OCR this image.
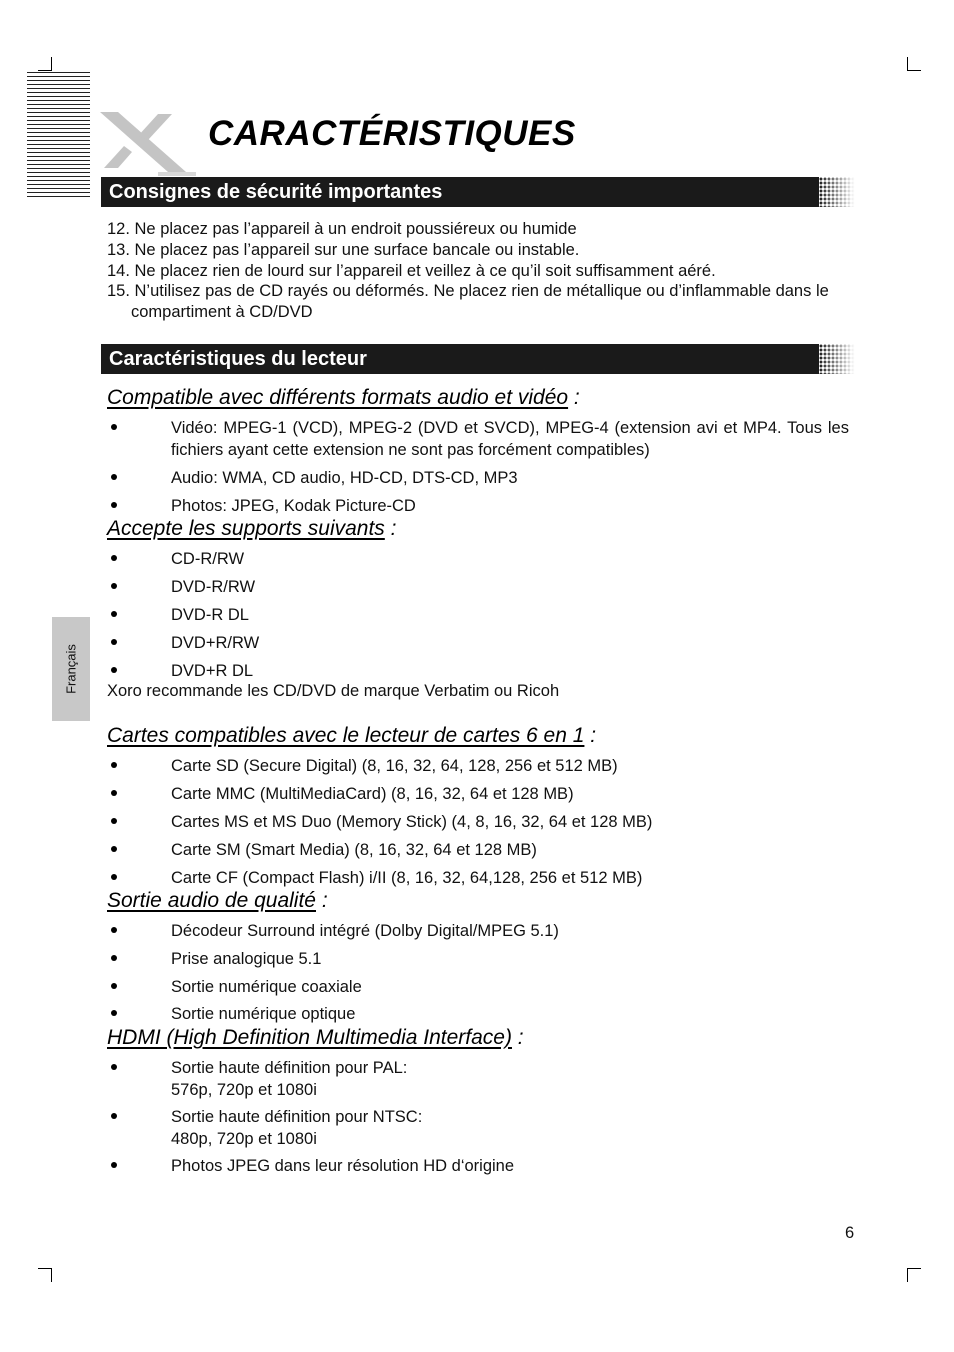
CARACTÉRISTIQUES
Consignes de sécurité importantes
12. Ne placez pas l’appareil à un endroit poussiéreux ou humide
13. Ne placez pas l’appareil sur une surface bancale ou instable.
14. Ne placez rien de lourd sur l’appareil et veillez à ce qu’il soit suffisamment aéré.
15. N’utilisez pas de CD rayés ou déformés. Ne placez rien de métallique ou d’inflammable dans le compartiment à CD/DVD
Caractéristiques du lecteur
Compatible avec différents formats audio et vidéo :
Vidéo: MPEG-1 (VCD), MPEG-2 (DVD et SVCD), MPEG-4 (extension avi et MP4. Tous les fichiers ayant cette extension ne sont pas forcément compatibles)
Audio: WMA, CD audio, HD-CD, DTS-CD, MP3
Photos: JPEG, Kodak Picture-CD
Accepte les supports suivants :
CD-R/RW
DVD-R/RW
DVD-R DL
DVD+R/RW
DVD+R DL
Xoro recommande les CD/DVD de marque Verbatim ou Ricoh
Cartes compatibles avec le lecteur de cartes 6 en 1 :
Carte SD (Secure Digital) (8, 16, 32, 64, 128, 256 et 512 MB)
Carte MMC (MultiMediaCard) (8, 16, 32, 64 et 128 MB)
Cartes MS et MS Duo (Memory Stick) (4, 8, 16, 32, 64 et 128 MB)
Carte SM (Smart Media) (8, 16, 32, 64 et 128 MB)
Carte CF (Compact Flash) i/II (8, 16, 32, 64,128, 256 et 512 MB)
Sortie audio de qualité :
Décodeur Surround intégré (Dolby Digital/MPEG 5.1)
Prise analogique 5.1
Sortie numérique coaxiale
Sortie numérique optique
HDMI (High Definition Multimedia Interface) :
Sortie haute définition pour PAL:
576p, 720p et 1080i
Sortie haute définition pour NTSC:
480p, 720p et 1080i
Photos JPEG dans leur résolution HD d‘origine
Français
6
